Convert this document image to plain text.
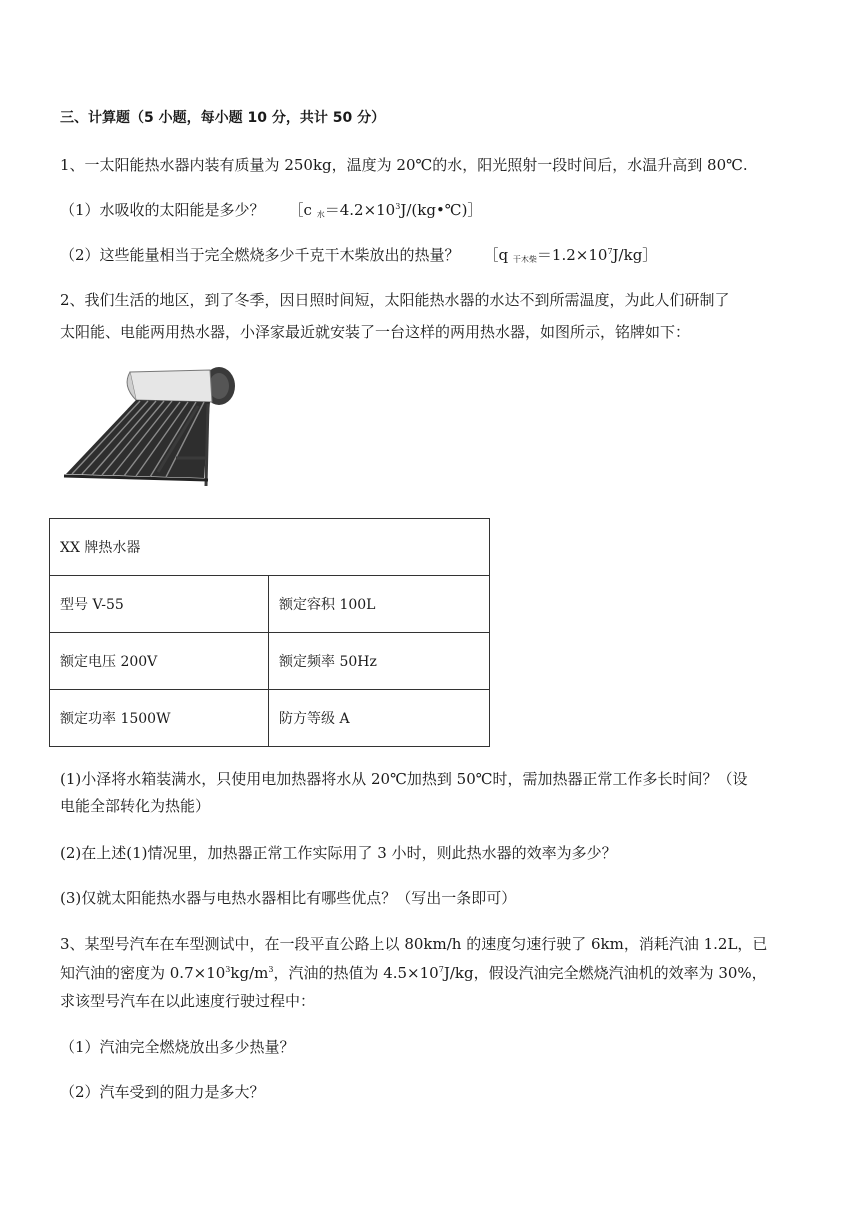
三、计算题（5 小题，每小题 10 分，共计 50 分）
1、一太阳能热水器内装有质量为 250kg，温度为 20℃的水，阳光照射一段时间后，水温升高到 80℃.
（1）水吸收的太阳能是多少？ ［c $_水=4.2\times 10^3J/(kg•℃)]$
（2）这些能量相当于完全燃烧多少千克干木柴放出的热量？ ［q $_{干木柴}=1.2\times 10^7J/kg]$
2、我们生活的地区，到了冬季，因日照时间短，太阳能热水器的水达不到所需温度，为此人们研制了
太阳能、电能两用热水器，小泽家最近就安装了一台这样的两用热水器，如图所示，铭牌如下：
XX 牌热水器	
型号 V-55	额定容积 100L
额定电压 200V	额定频率 50Hz
额定功率 1500W	防方等级 A
(1)小泽将水箱装满水，只使用电加热器将水从 20℃加热到 50℃时，需加热器正常工作多长时间？（设
电能全部转化为热能）
(2)在上述(1)情况里，加热器正常工作实际用了 3 小时，则此热水器的效率为多少？
(3)仅就太阳能热水器与电热水器相比有哪些优点？（写出一条即可）
3、某型号汽车在车型测试中，在一段平直公路上以 80km/h 的速度匀速行驶了 6km，消耗汽油 1.2L，已
知汽油的密度为 $0.7\times 10^3kg/m^3$，汽油的热值为 $4.5\times 10^7J/kg$，假设汽油完全燃烧汽油机的效率为 30%，
求该型号汽车在以此速度行驶过程中：
（1）汽油完全燃烧放出多少热量？
（2）汽车受到的阻力是多大？
